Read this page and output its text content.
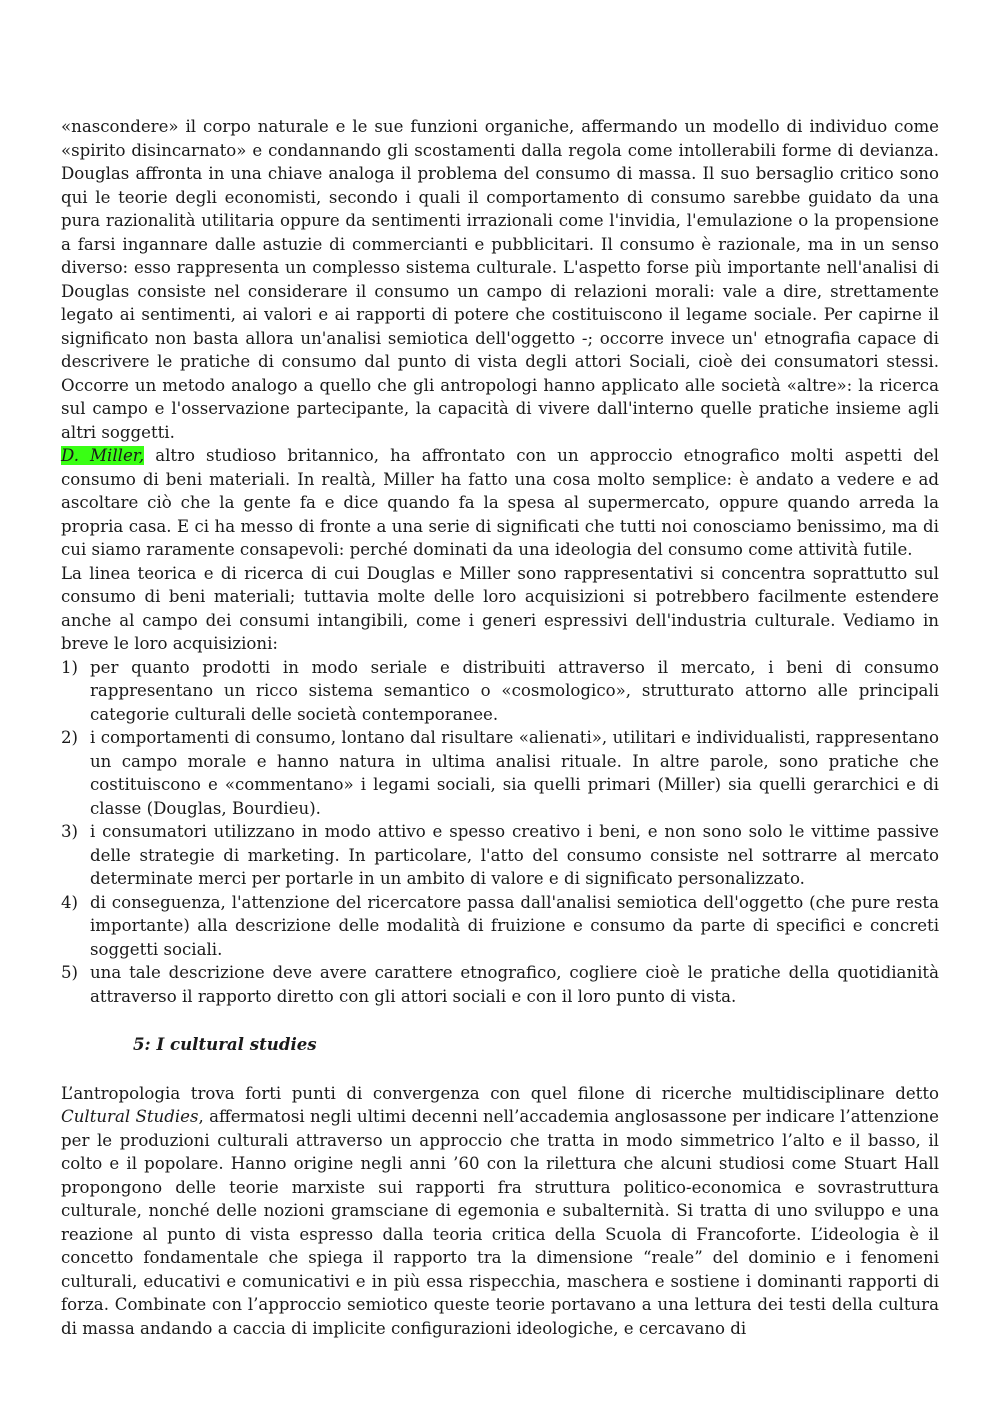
«nascondere» il corpo naturale e le sue funzioni organiche, affermando un modello di individuo come «spirito disincarnato» e condannando gli scostamenti dalla regola come intollerabili forme di devianza. Douglas affronta in una chiave analoga il problema del consumo di massa. Il suo bersaglio critico sono qui le teorie degli economisti, secondo i quali il comportamento di consumo sarebbe guidato da una pura razionalità utilitaria oppure da sentimenti irrazionali come l'invidia, l'emulazione o la propensione a farsi ingannare dalle astuzie di commercianti e pubblicitari. Il consumo è razionale, ma in un senso diverso: esso rappresenta un complesso sistema culturale. L'aspetto forse più importante nell'analisi di Douglas consiste nel considerare il consumo un campo di relazioni morali: vale a dire, strettamente legato ai sentimenti, ai valori e ai rapporti di potere che costituiscono il legame sociale. Per capirne il significato non basta allora un'analisi semiotica dell'oggetto -; occorre invece un' etnografia capace di descrivere le pratiche di consumo dal punto di vista degli attori Sociali, cioè dei consumatori stessi. Occorre un metodo analogo a quello che gli antropologi hanno applicato alle società «altre»: la ricerca sul campo e l'osservazione partecipante, la capacità di vivere dall'interno quelle pratiche insieme agli altri soggetti.

D. Miller, altro studioso britannico, ha affrontato con un approccio etnografico molti aspetti del consumo di beni materiali. In realtà, Miller ha fatto una cosa molto semplice: è andato a vedere e ad ascoltare ciò che la gente fa e dice quando fa la spesa al supermercato, oppure quando arreda la propria casa. E ci ha messo di fronte a una serie di significati che tutti noi conosciamo benissimo, ma di cui siamo raramente consapevoli: perché dominati da una ideologia del consumo come attività futile.

La linea teorica e di ricerca di cui Douglas e Miller sono rappresentativi si concentra soprattutto sul consumo di beni materiali; tuttavia molte delle loro acquisizioni si potrebbero facilmente estendere anche al campo dei consumi intangibili, come i generi espressivi dell'industria culturale. Vediamo in breve le loro acquisizioni:

1) per quanto prodotti in modo seriale e distribuiti attraverso il mercato, i beni di consumo rappresentano un ricco sistema semantico o «cosmologico», strutturato attorno alle principali categorie culturali delle società contemporanee.
2) i comportamenti di consumo, lontano dal risultare «alienati», utilitari e individualisti, rappresentano un campo morale e hanno natura in ultima analisi rituale. In altre parole, sono pratiche che costituiscono e «commentano» i legami sociali, sia quelli primari (Miller) sia quelli gerarchici e di classe (Douglas, Bourdieu).
3) i consumatori utilizzano in modo attivo e spesso creativo i beni, e non sono solo le vittime passive delle strategie di marketing. In particolare, l'atto del consumo consiste nel sottrarre al mercato determinate merci per portarle in un ambito di valore e di significato personalizzato.
4) di conseguenza, l'attenzione del ricercatore passa dall'analisi semiotica dell'oggetto (che pure resta importante) alla descrizione delle modalità di fruizione e consumo da parte di specifici e concreti soggetti sociali.
5) una tale descrizione deve avere carattere etnografico, cogliere cioè le pratiche della quotidianità attraverso il rapporto diretto con gli attori sociali e con il loro punto di vista.
5: I cultural studies

L’antropologia trova forti punti di convergenza con quel filone di ricerche multidisciplinare detto Cultural Studies, affermatosi negli ultimi decenni nell’accademia anglosassone per indicare l’attenzione per le produzioni culturali attraverso un approccio che tratta in modo simmetrico l’alto e il basso, il colto e il popolare. Hanno origine negli anni ’60 con la rilettura che alcuni studiosi come Stuart Hall propongono delle teorie marxiste sui rapporti fra struttura politico-economica e sovrastruttura culturale, nonché delle nozioni gramsciane di egemonia e subalternità. Si tratta di uno sviluppo e una reazione al punto di vista espresso dalla teoria critica della Scuola di Francoforte. L’ideologia è il concetto fondamentale che spiega il rapporto tra la dimensione “reale” del dominio e i fenomeni culturali, educativi e comunicativi e in più essa rispecchia, maschera e sostiene i dominanti rapporti di forza. Combinate con l’approccio semiotico queste teorie portavano a una lettura dei testi della cultura di massa andando a caccia di implicite configurazioni ideologiche, e cercavano di
